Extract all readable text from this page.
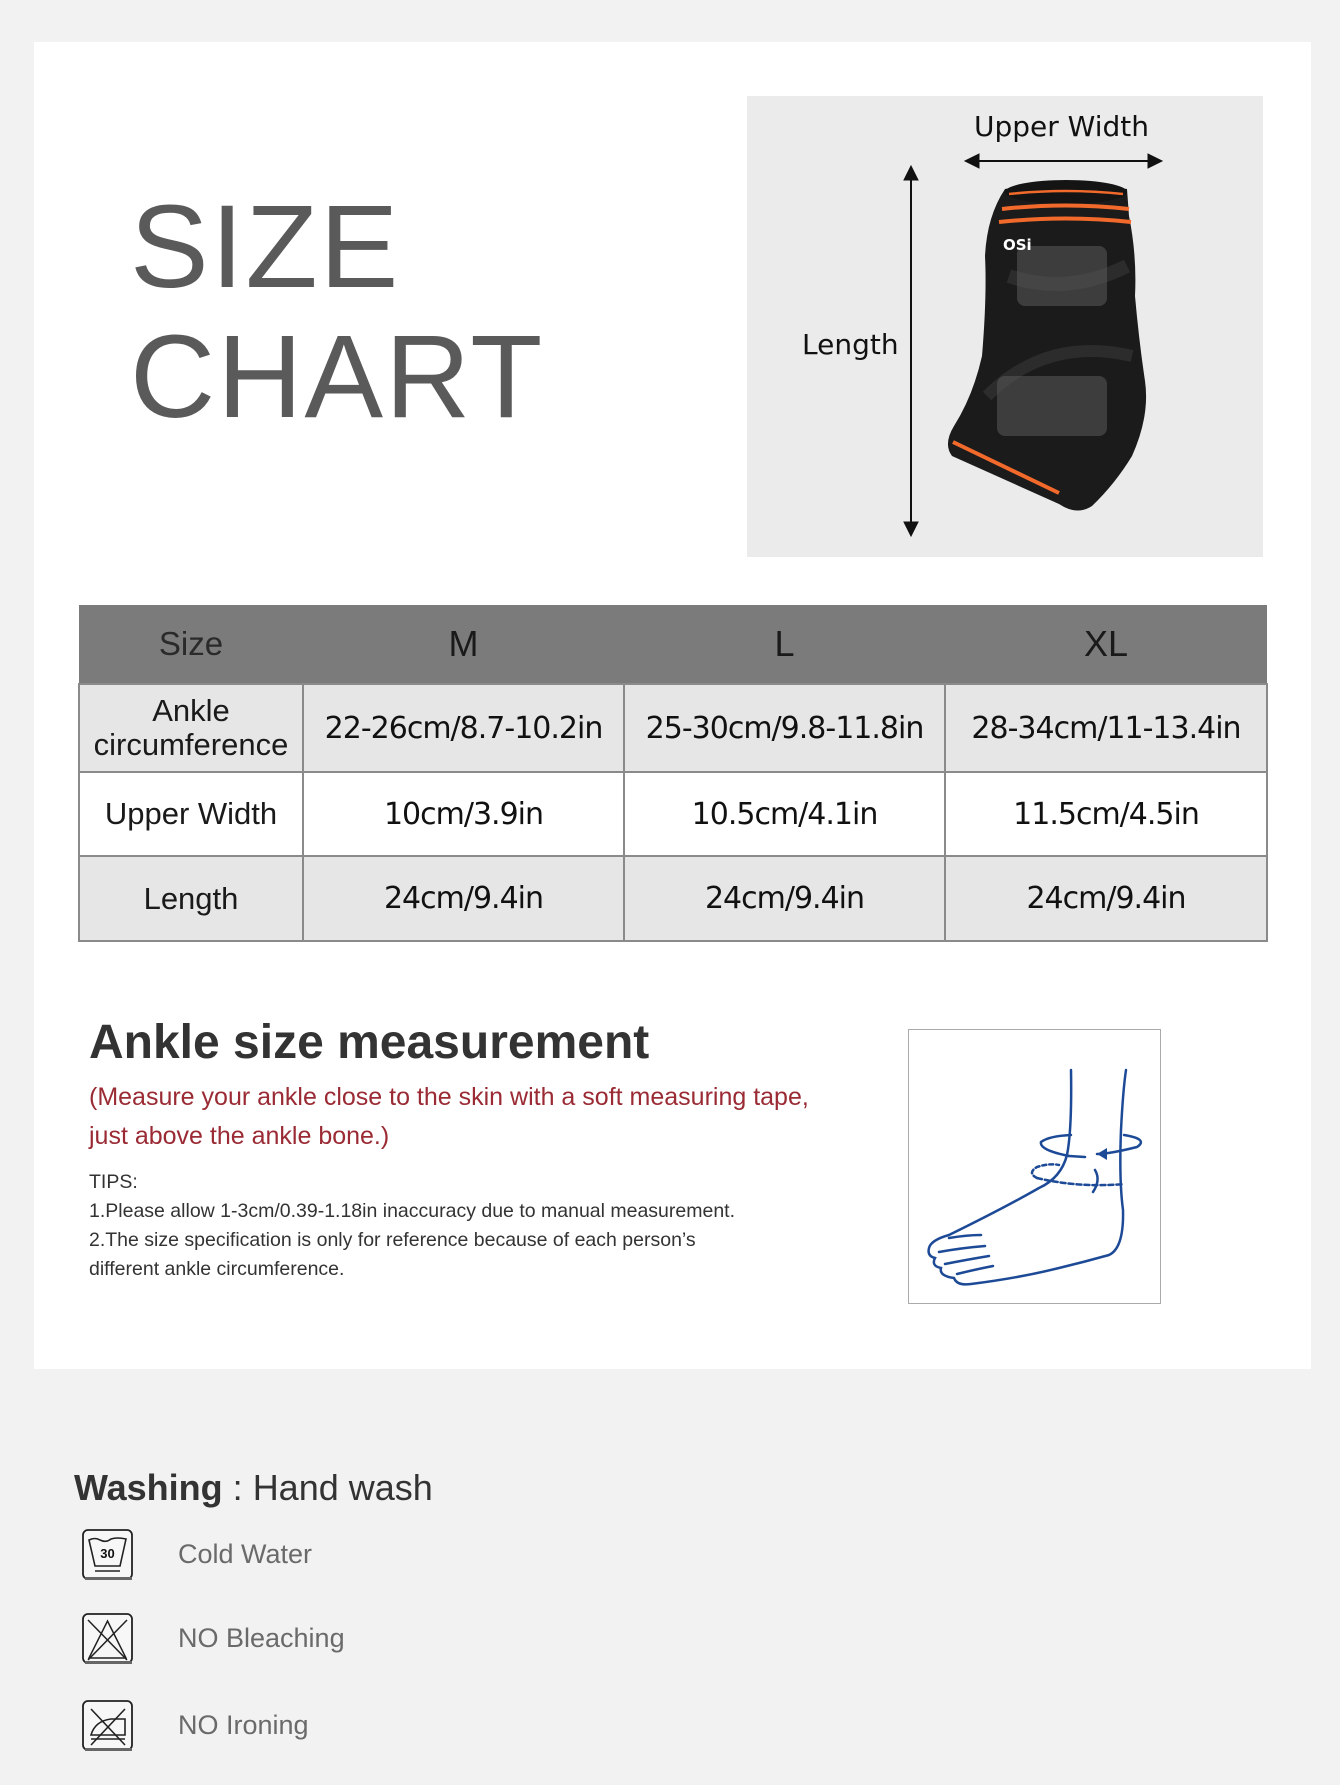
SIZE
CHART
OSi
Upper Width
Length
Size	M	L	XL

Ankle
circumference	22-26cm/8.7-10.2in	25-30cm/9.8-11.8in	28-34cm/11-13.4in
Upper Width	10cm/3.9in	10.5cm/4.1in	11.5cm/4.5in
Length	24cm/9.4in	24cm/9.4in	24cm/9.4in
Ankle size measurement
(Measure your ankle close to the skin with a soft measuring tape,
just above the ankle bone.)
TIPS:
1.Please allow 1-3cm/0.39-1.18in inaccuracy due to manual measurement.
2.The size specification is only for reference because of each person’s
different ankle circumference.
Washing : Hand wash
30 Cold Water
NO Bleaching
NO Ironing
